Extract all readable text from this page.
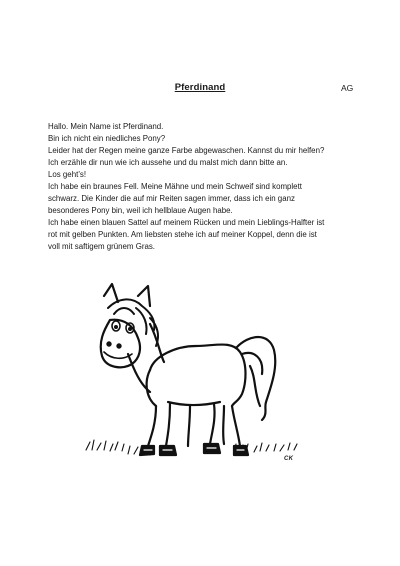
Pferdinand	AG
Hallo. Mein Name ist Pferdinand.
Bin ich nicht ein niedliches Pony?
Leider hat der Regen meine ganze Farbe abgewaschen. Kannst du mir helfen?
Ich erzähle dir nun wie ich aussehe und du malst mich dann bitte an.
Los geht’s!
Ich habe ein braunes Fell. Meine Mähne und mein Schweif sind komplett
schwarz. Die Kinder die auf mir Reiten sagen immer, dass ich ein ganz
besonderes Pony bin, weil ich hellblaue Augen habe.
Ich habe einen blauen Sattel auf meinem Rücken und mein Lieblings-Halfter ist
rot mit gelben Punkten. Am liebsten stehe ich auf meiner Koppel, denn die ist
voll mit saftigem grünem Gras.
CK
